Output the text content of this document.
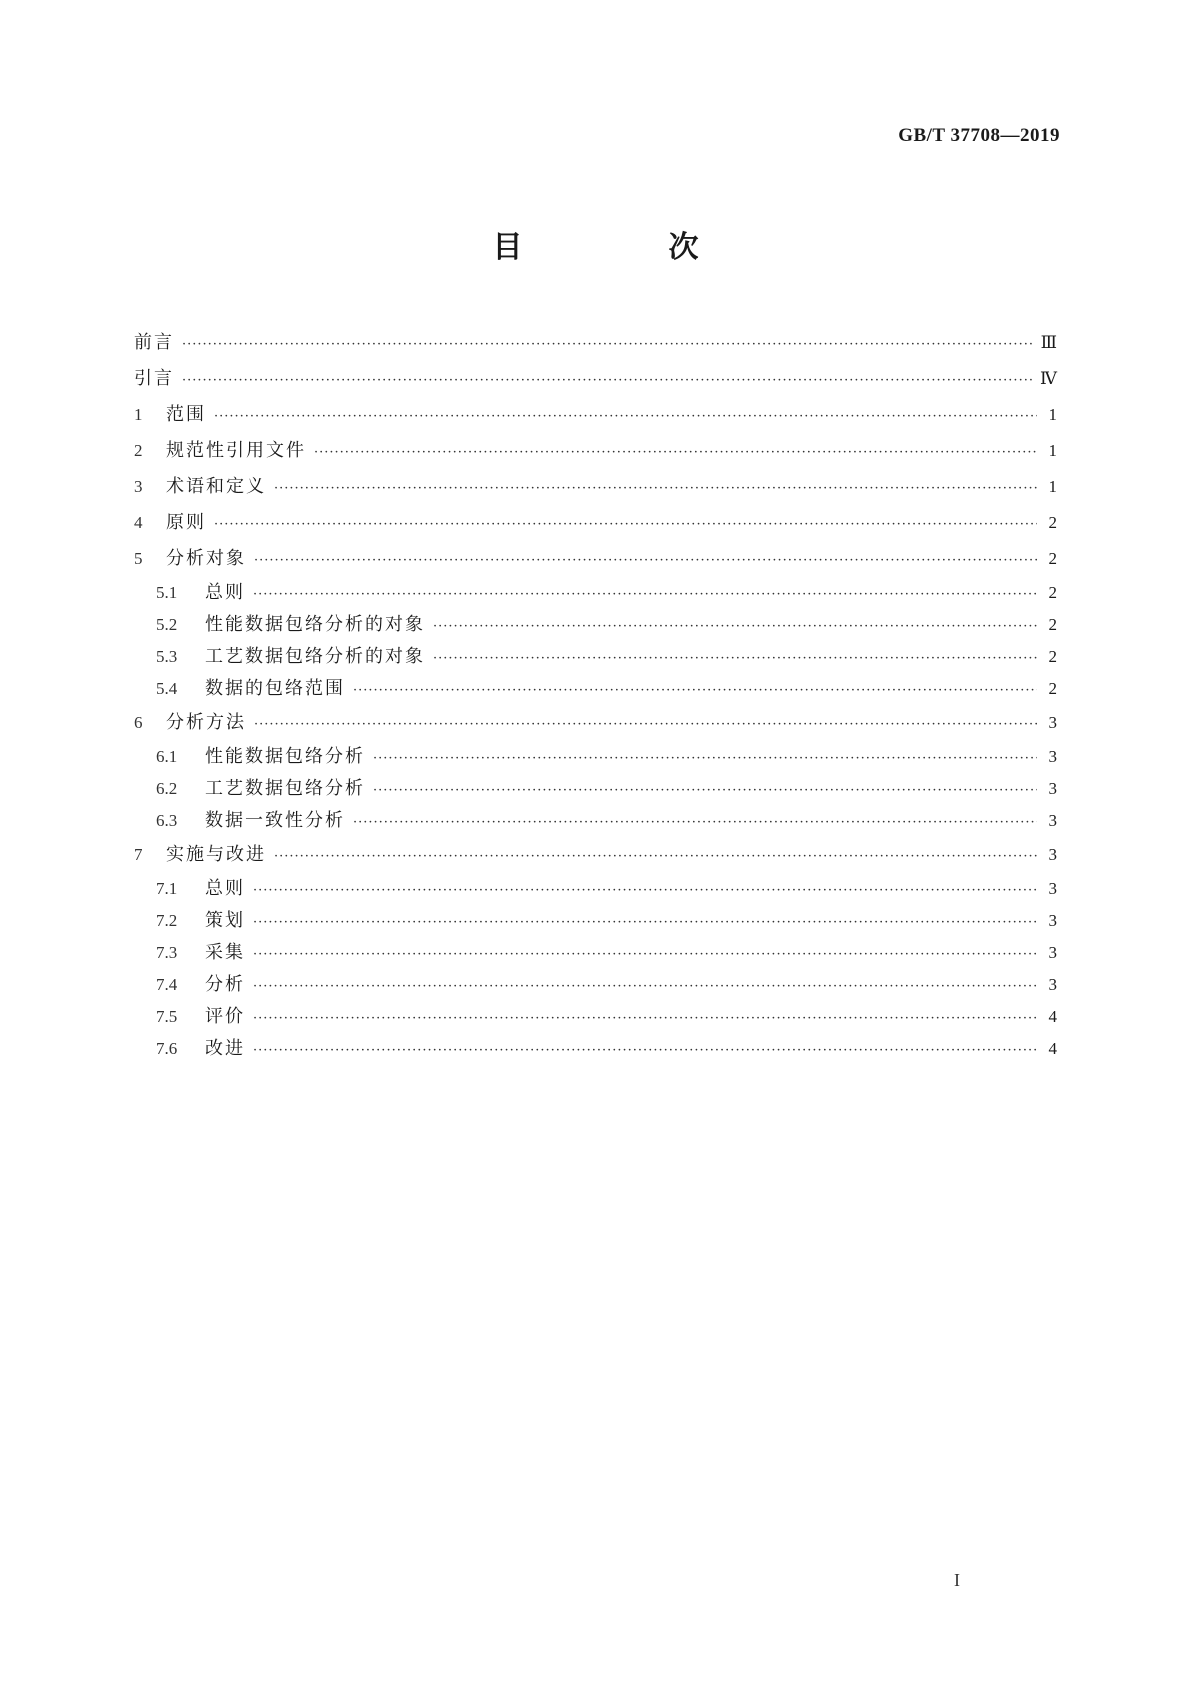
GB/T 37708—2019
目　次
前言 ·····	Ⅲ
引言 ·····	Ⅳ
1	范围 ·····	1
2	规范性引用文件 ·····	1
3	术语和定义 ·····	1
4	原则 ·····	2
5	分析对象 ·····	2
5.1	总则 ·····	2
5.2	性能数据包络分析的对象 ·····	2
5.3	工艺数据包络分析的对象 ·····	2
5.4	数据的包络范围 ·····	2
6	分析方法 ·····	3
6.1	性能数据包络分析 ·····	3
6.2	工艺数据包络分析 ·····	3
6.3	数据一致性分析 ·····	3
7	实施与改进 ·····	3
7.1	总则 ·····	3
7.2	策划 ·····	3
7.3	采集 ·····	3
7.4	分析 ·····	3
7.5	评价 ·····	4
7.6	改进 ·····	4
I
